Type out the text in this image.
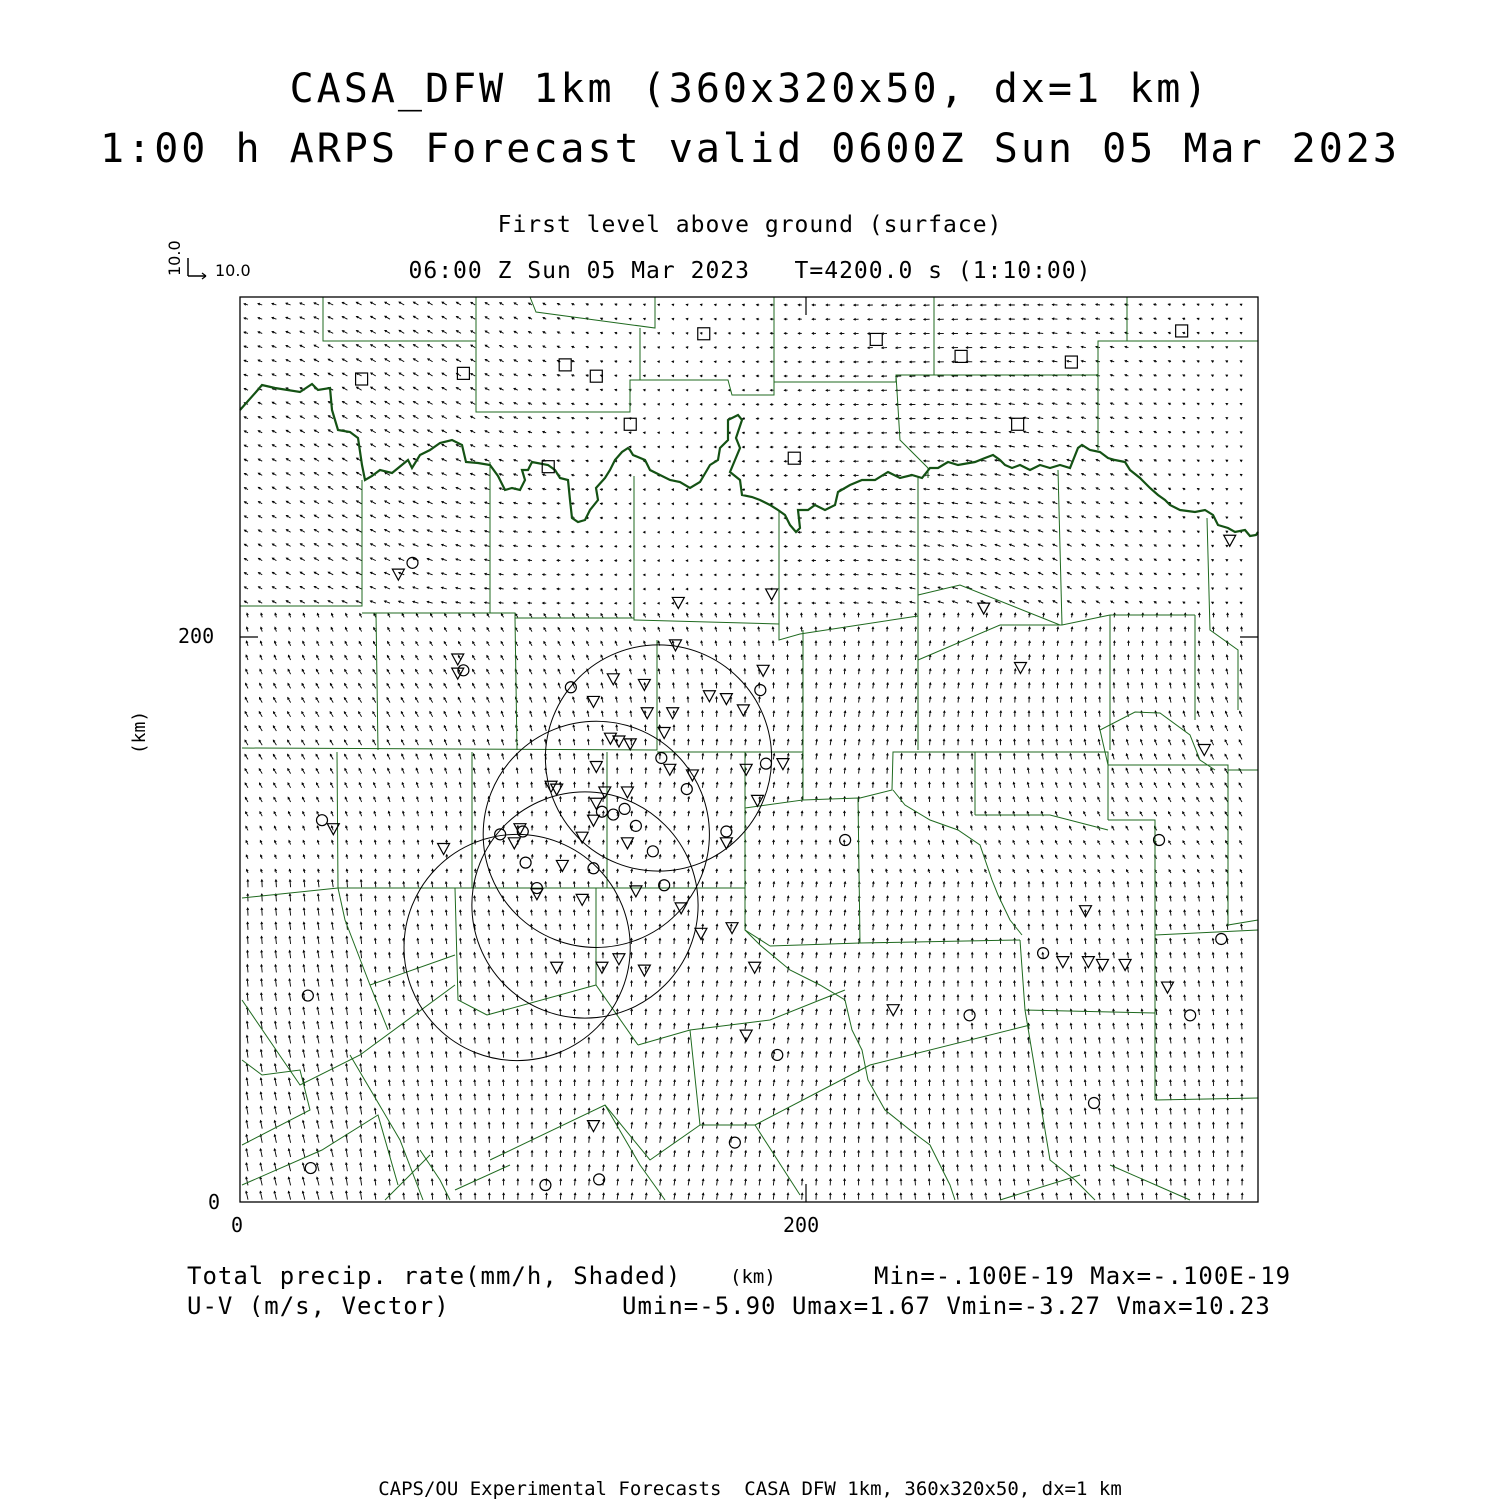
CASA_DFW 1km (360x320x50, dx=1 km)
1:00 h ARPS Forecast valid 0600Z Sun 05 Mar 2023
First level above ground (surface)
06:00 Z Sun 05 Mar 2023   T=4200.0 s (1:10:00)
10.0
10.0
0
200
0	200
(km)
(km)
Total precip. rate(mm/h, Shaded)	Min=-.100E-19 Max=-.100E-19
U-V (m/s, Vector)	Umin=-5.90 Umax=1.67 Vmin=-3.27 Vmax=10.23
CAPS/OU Experimental Forecasts  CASA DFW 1km, 360x320x50, dx=1 km
